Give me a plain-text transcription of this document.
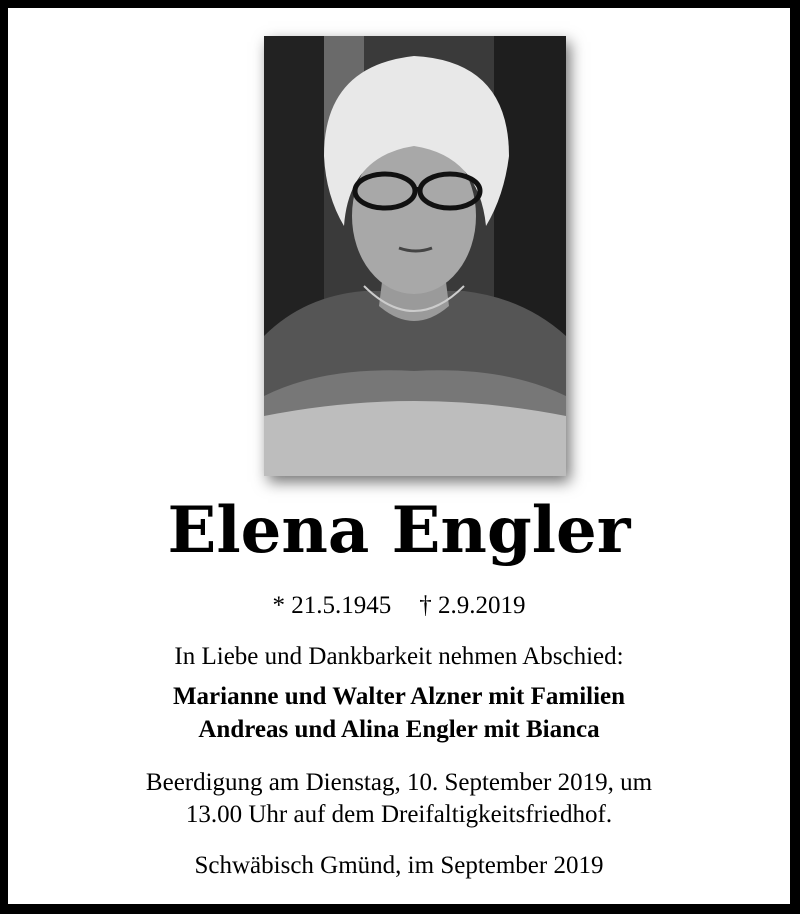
Elena Engler
* 21.5.1945 † 2.9.2019
In Liebe und Dankbarkeit nehmen Abschied:
Marianne und Walter Alzner mit Familien
Andreas und Alina Engler mit Bianca
Beerdigung am Dienstag, 10. September 2019, um
13.00 Uhr auf dem Dreifaltigkeitsfriedhof.
Schwäbisch Gmünd, im September 2019
